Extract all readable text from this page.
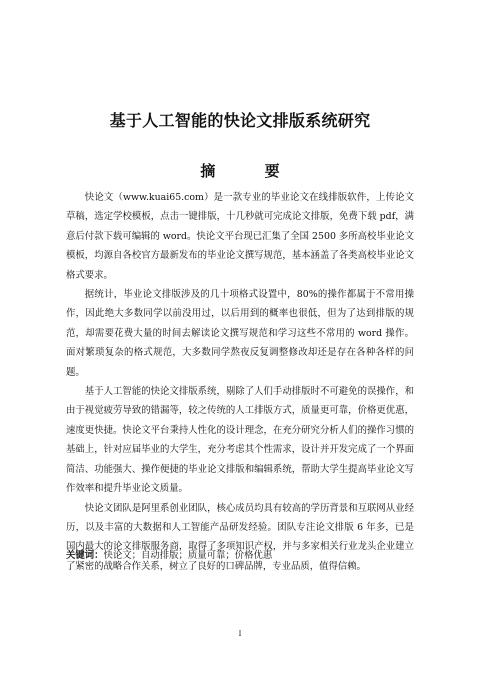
基于人工智能的快论文排版系统研究
摘 要

快论文（www.kuai65.com）是一款专业的毕业论文在线排版软件，上传论文草稿，选定学校模板，点击一键排版，十几秒就可完成论文排版，免费下载 pdf，满意后付款下载可编辑的 word。快论文平台现已汇集了全国 2500 多所高校毕业论文模板，均源自各校官方最新发布的毕业论文撰写规范，基本涵盖了各类高校毕业论文格式要求。

据统计，毕业论文排版涉及的几十项格式设置中，80%的操作都属于不常用操作，因此绝大多数同学以前没用过，以后用到的概率也很低，但为了达到排版的规范，却需要花费大量的时间去解读论文撰写规范和学习这些不常用的 word 操作。面对繁琐复杂的格式规范，大多数同学熬夜反复调整修改却还是存在各种各样的问题。

基于人工智能的快论文排版系统，剔除了人们手动排版时不可避免的误操作，和由于视觉疲劳导致的错漏等，较之传统的人工排版方式，质量更可靠，价格更优惠，速度更快捷。快论文平台秉持人性化的设计理念，在充分研究分析人们的操作习惯的基础上，针对应届毕业的大学生，充分考虑其个性需求，设计并开发完成了一个界面简洁、功能强大、操作便捷的毕业论文排版和编辑系统，帮助大学生提高毕业论文写作效率和提升毕业论文质量。

快论文团队是阿里系创业团队，核心成员均具有较高的学历背景和互联网从业经历，以及丰富的大数据和人工智能产品研发经验。团队专注论文排版 6 年多，已是国内最大的论文排版服务商，取得了多项知识产权，并与多家相关行业龙头企业建立了紧密的战略合作关系，树立了良好的口碑品牌，专业品质，值得信赖。

关键词：快论文；自动排版；质量可靠；价格优惠
I
